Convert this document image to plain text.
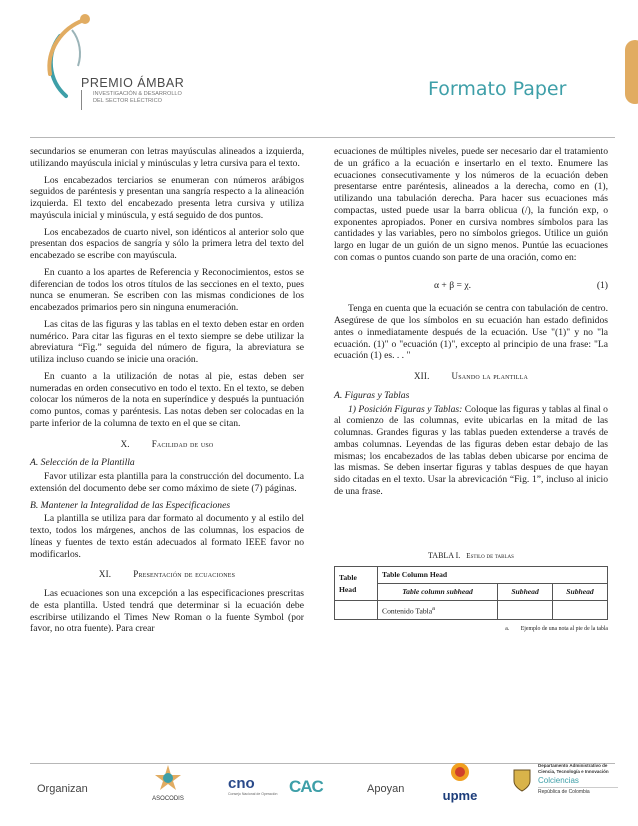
PREMIO ÁMBAR
INVESTIGACIÓN & DESARROLLO DEL SECTOR ELÉCTRICO
Formato Paper

secundarios se enumeran con letras mayúsculas alineados a izquierda, utilizando mayúscula inicial y minúsculas y letra cursiva para el texto.

Los encabezados terciarios se enumeran con números arábigos seguidos de paréntesis y presentan una sangría respecto a la alineación izquierda. El texto del encabezado presenta letra cursiva y utiliza mayúscula inicial y minúscula, y está seguido de dos puntos.

Los encabezados de cuarto nivel, son idénticos al anterior solo que presentan dos espacios de sangría y sólo la primera letra del texto del encabezado se escribe con mayúscula.

En cuanto a los apartes de Referencia y Reconocimientos, estos se diferencian de todos los otros títulos de las secciones en el texto, pues nunca se enumeran. Se escriben con las mismas condiciones de los encabezados primarios pero sin ninguna enumeración.

Las citas de las figuras y las tablas en el texto deben estar en orden numérico. Para citar las figuras en el texto siempre se debe utilizar la abreviatura “Fig.” seguida del número de figura, la abreviatura se utiliza incluso cuando se inicie una oración.

En cuanto a la utilización de notas al pie, estas deben ser numeradas en orden consecutivo en todo el texto. En el texto, se deben colocar los números de la nota en superíndice y después la puntuación como puntos, comas y paréntesis. Las notas deben ser colocadas en la parte inferior de la columna de texto en el que se citan.

X. Facilidad de uso
A. Selección de la Plantilla

Favor utilizar esta plantilla para la construcción del documento. La extensión del documento debe ser como máximo de siete (7) páginas.

B. Mantener la Integralidad de las Especificaciones

La plantilla se utiliza para dar formato al documento y al estilo del texto, todos los márgenes, anchos de las columnas, los espacios de líneas y fuentes de texto están adecuados al formato IEEE favor no modificarlos.

XI. Presentación de ecuaciones

Las ecuaciones son una excepción a las especificaciones prescritas de esta plantilla. Usted tendrá que determinar si la ecuación debe escribirse utilizando el Times New Roman o la fuente Symbol (por favor, no otra fuente). Para crear

ecuaciones de múltiples niveles, puede ser necesario dar el tratamiento de un gráfico a la ecuación e insertarlo en el texto. Enumere las ecuaciones consecutivamente y los números de la ecuación deben presentarse entre paréntesis, alineados a la derecha, como en (1), utilizando una tabulación derecha. Para hacer sus ecuaciones más compactas, usted puede usar la barra oblicua (/), la función exp, o exponentes apropiados. Poner en cursiva nombres símbolos para las cantidades y las variables, pero no símbolos griegos. Utilice un guión largo en lugar de un guión de un signo menos. Puntúe las ecuaciones con comas o puntos cuando son parte de una oración, como en:

α + β = χ.	(1)

Tenga en cuenta que la ecuación se centra con tabulación de centro. Asegúrese de que los símbolos en su ecuación han estado definidos antes o inmediatamente después de la ecuación. Use "(1)" y no "la ecuación. (1)" o "ecuación (1)", excepto al principio de una frase: "La ecuación (1) es. . . "

XII. Usando la plantilla
A. Figuras y Tablas

1) Posición Figuras y Tablas: Coloque las figuras y tablas al final o al comienzo de las columnas, evite ubicarlas en la mitad de las columnas. Grandes figuras y las tablas pueden extenderse a través de ambas columnas. Leyendas de las figuras deben estar debajo de las mismas; los encabezados de las tablas deben ubicarse por encima de las mismas. Se deben insertar figuras y tablas despues de que hayan sido citadas en el texto. Usar la abrevicación “Fig. 1”, incluso al inicio de una frase.

TABLA I. Estilo de tablas
Table Head	Table Column Head		
	Table column subhead	Subhead	Subhead
	Contenido Tabla$^a$		
a. Ejemplo de una nota al pie de la tabla
Organizan
ASOCODIS
cno
Consejo Nacional de Operación CAC	Apoyan	upme
Departamento Administrativo de Ciencia, Tecnología e Innovación
Colciencias
República de Colombia
